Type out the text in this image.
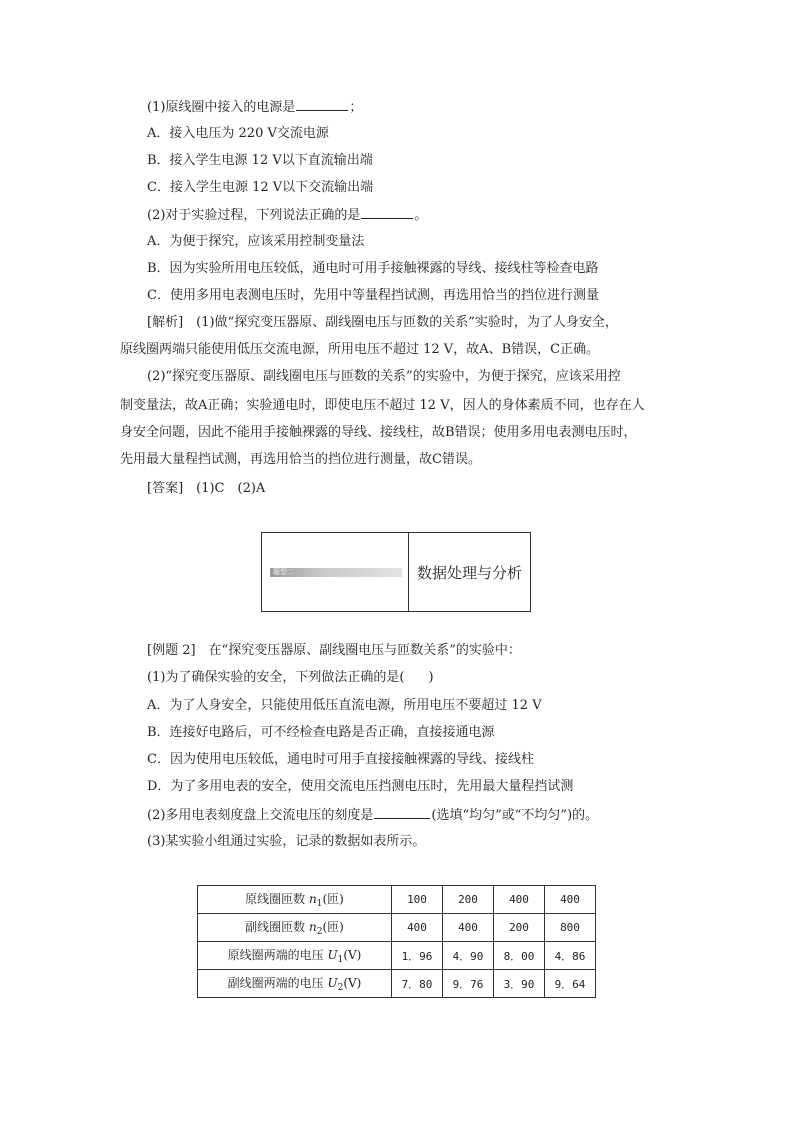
(1)原线圈中接入的电源是	；
A．接入电压为 220 V交流电源
B．接入学生电源 12 V以下直流输出端
C．接入学生电源 12 V以下交流输出端
(2)对于实验过程，下列说法正确的是	。
A．为便于探究，应该采用控制变量法
B．因为实验所用电压较低，通电时可用手接触裸露的导线、接线柱等检查电路
C．使用多用电表测电压时，先用中等量程挡试测，再选用恰当的挡位进行测量
[解析]　(1)做“探究变压器原、副线圈电压与匝数的关系”实验时，为了人身安全，
原线圈两端只能使用低压交流电源，所用电压不超过 12 V，故A、B错误，C正确。
(2)“探究变压器原、副线圈电压与匝数的关系”的实验中，为便于探究，应该采用控
制变量法，故A正确；实验通电时，即使电压不超过 12 V，因人的身体素质不同，也存在人
身安全问题，因此不能用手接触裸露的导线、接线柱，故B错误；使用多用电表测电压时，
先用最大量程挡试测，再选用恰当的挡位进行测量，故C错误。
[答案]　(1)C　(2)A
题型二	数据处理与分析
[例题 2]　在“探究变压器原、副线圈电压与匝数关系”的实验中：
(1)为了确保实验的安全，下列做法正确的是( )
A．为了人身安全，只能使用低压直流电源，所用电压不要超过 12 V
B．连接好电路后，可不经检查电路是否正确，直接接通电源
C．因为使用电压较低，通电时可用手直接接触裸露的导线、接线柱
D．为了多用电表的安全，使用交流电压挡测电压时，先用最大量程挡试测
(2)多用电表刻度盘上交流电压的刻度是	(选填“均匀”或“不均匀”)的。
(3)某实验小组通过实验，记录的数据如表所示。
原线圈匝数 $n_1$(匝)	100	200	400	400
副线圈匝数 $n_2$(匝)	400	400	200	800
原线圈两端的电压 $U_1(V)$	1．96	4．90	8．00	4．86
副线圈两端的电压 $U_2(V)$	7．80	9．76	3．90	9．64
